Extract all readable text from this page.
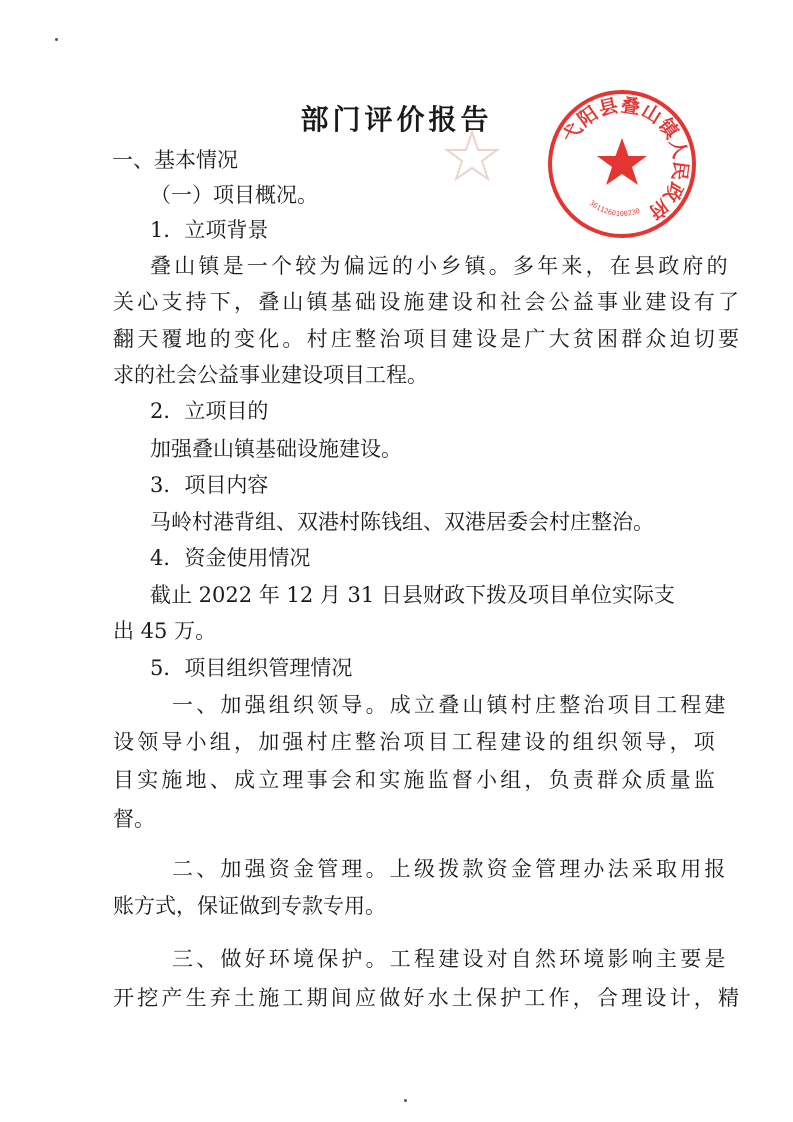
部门评价报告
一、基本情况
（一）项目概况。
1．立项背景
叠山镇是一个较为偏远的小乡镇。多年来，在县政府的
关心支持下，叠山镇基础设施建设和社会公益事业建设有了
翻天覆地的变化。村庄整治项目建设是广大贫困群众迫切要
求的社会公益事业建设项目工程。
2．立项目的
加强叠山镇基础设施建设。
3．项目内容
马岭村港背组、双港村陈钱组、双港居委会村庄整治。
4．资金使用情况
截止 2022 年 12 月 31 日县财政下拨及项目单位实际支
出 45 万。
5．项目组织管理情况
一、加强组织领导。成立叠山镇村庄整治项目工程建
设领导小组，加强村庄整治项目工程建设的组织领导，项
目实施地、成立理事会和实施监督小组，负责群众质量监
督。
二、加强资金管理。上级拨款资金管理办法采取用报
账方式，保证做到专款专用。
三、做好环境保护。工程建设对自然环境影响主要是
开挖产生弃土施工期间应做好水土保护工作，合理设计，精
弋阳县叠山镇人民政府
3611260100230
